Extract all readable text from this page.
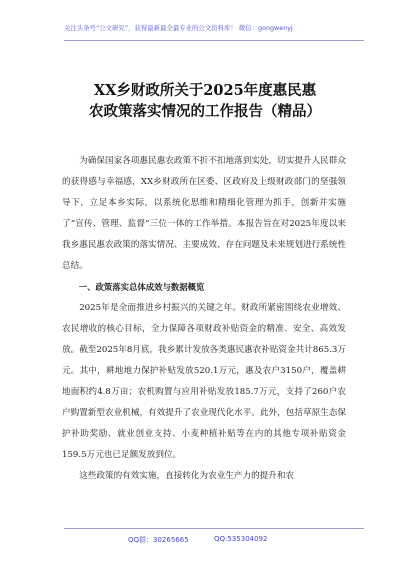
关注头条号“公文研究”，获得最新最全最专业的公文资料库！ 微信：gongwenyj
XX乡财政所关于2025年度惠民惠
农政策落实情况的工作报告（精品）

为确保国家各项惠民惠农政策不折不扣地落到实处，切实提升人民群众的获得感与幸福感，XX乡财政所在区委、区政府及上级财政部门的坚强领导下，立足本乡实际，以系统化思维和精细化管理为抓手，创新并实施了“宣传、管理、监督”三位一体的工作举措。本报告旨在对2025年度以来我乡惠民惠农政策的落实情况、主要成效、存在问题及未来规划进行系统性总结。

一、政策落实总体成效与数据概览

2025年是全面推进乡村振兴的关键之年。财政所紧密围绕农业增效、农民增收的核心目标，全力保障各项财政补贴资金的精准、安全、高效发放。截至2025年8月底，我乡累计发放各类惠民惠农补贴资金共计865.3万元。其中，耕地地力保护补贴发放520.1万元，惠及农户3150户，覆盖耕地面积约4.8万亩；农机购置与应用补贴发放185.7万元，支持了260户农户购置新型农业机械，有效提升了农业现代化水平。此外，包括草原生态保护补助奖励、就业创业支持、小麦种植补贴等在内的其他专项补贴资金159.5万元也已足额发放到位。

这些政策的有效实施，直接转化为农业生产力的提升和农

QQ群：30265665	QQ:535304092
